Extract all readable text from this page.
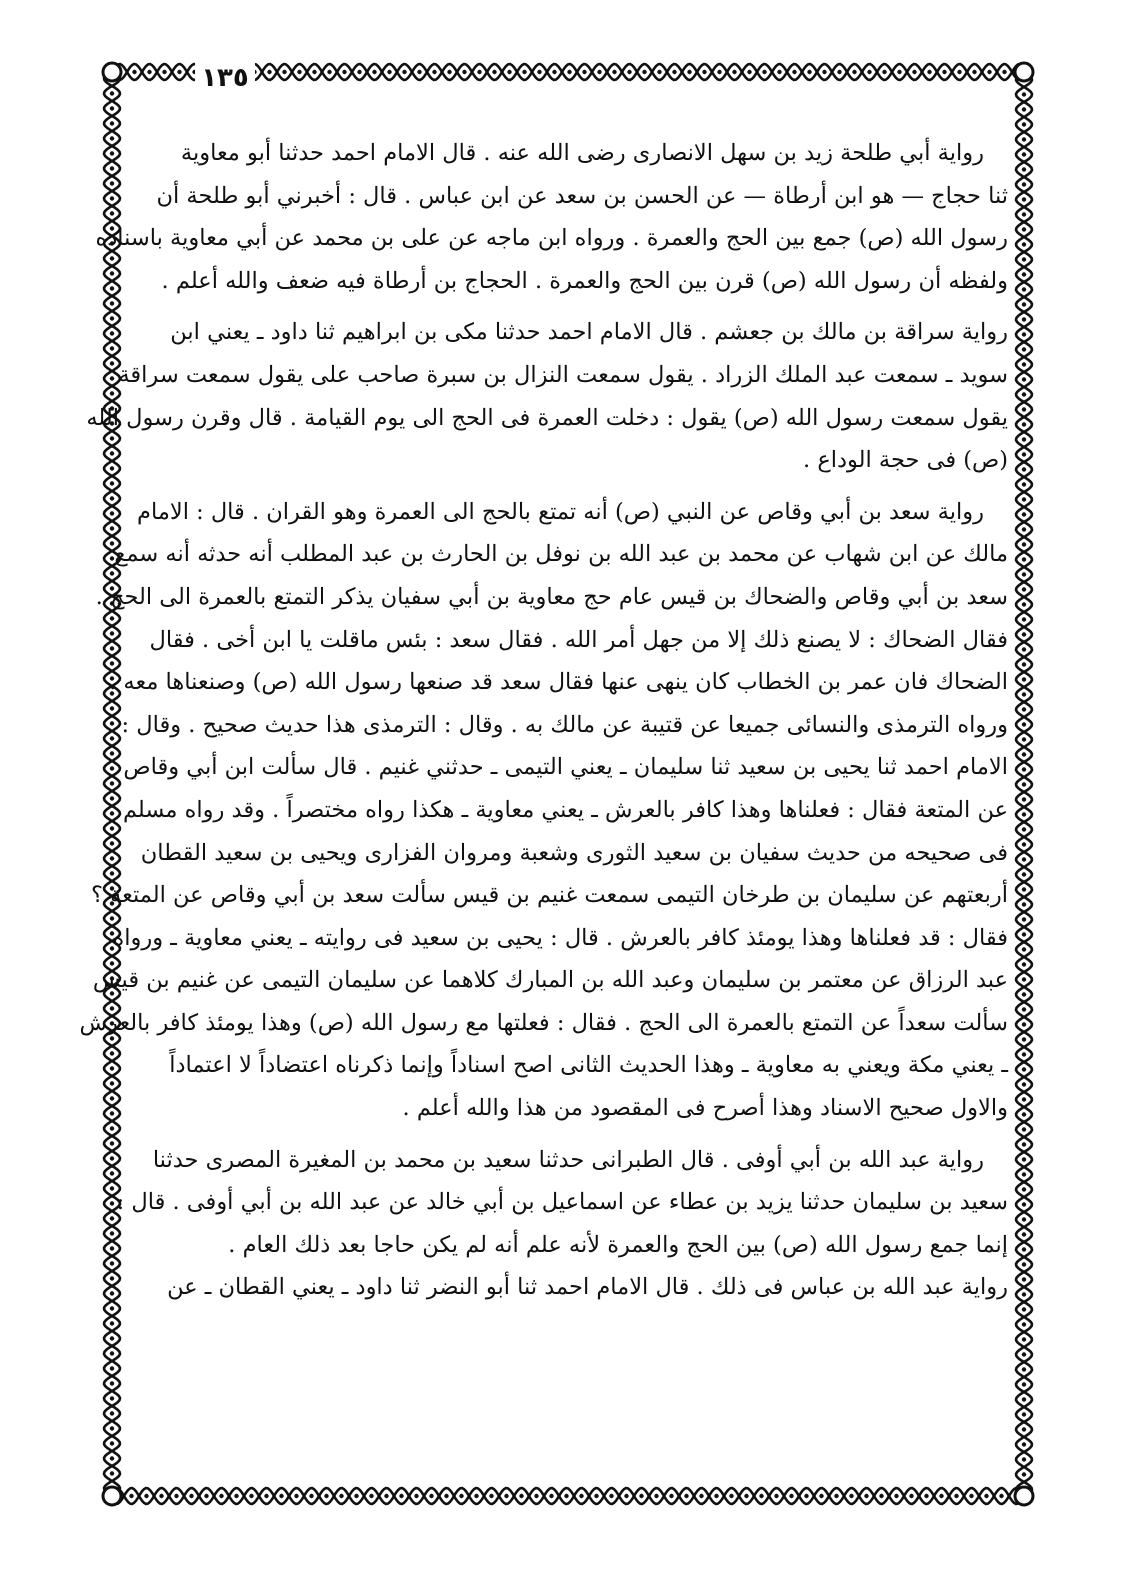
١٣٥
رواية أبي طلحة زيد بن سهل الانصارى رضى الله عنه . قال الامام احمد حدثنا أبو معاوية
ثنا حجاج — هو ابن أرطاة — عن الحسن بن سعد عن ابن عباس . قال : أخبرني أبو طلحة أن
رسول الله (ص) جمع بين الحج والعمرة . ورواه ابن ماجه عن على بن محمد عن أبي معاوية باسناده
ولفظه أن رسول الله (ص) قرن بين الحج والعمرة . الحجاج بن أرطاة فيه ضعف والله أعلم .
رواية سراقة بن مالك بن جعشم . قال الامام احمد حدثنا مكى بن ابراهيم ثنا داود ـ يعني ابن
سويد ـ سمعت عبد الملك الزراد . يقول سمعت النزال بن سبرة صاحب على يقول سمعت سراقة
يقول سمعت رسول الله (ص) يقول : دخلت العمرة فى الحج الى يوم القيامة . قال وقرن رسول الله
(ص) فى حجة الوداع .
رواية سعد بن أبي وقاص عن النبي (ص) أنه تمتع بالحج الى العمرة وهو القران . قال : الامام
مالك عن ابن شهاب عن محمد بن عبد الله بن نوفل بن الحارث بن عبد المطلب أنه حدثه أنه سمع
سعد بن أبي وقاص والضحاك بن قيس عام حج معاوية بن أبي سفيان يذكر التمتع بالعمرة الى الحج .
فقال الضحاك : لا يصنع ذلك إلا من جهل أمر الله . فقال سعد : بئس ماقلت يا ابن أخى . فقال
الضحاك فان عمر بن الخطاب كان ينهى عنها فقال سعد قد صنعها رسول الله (ص) وصنعناها معه .
ورواه الترمذى والنسائى جميعا عن قتيبة عن مالك به . وقال : الترمذى هذا حديث صحيح . وقال :
الامام احمد ثنا يحيى بن سعيد ثنا سليمان ـ يعني التيمى ـ حدثني غنيم . قال سألت ابن أبي وقاص
عن المتعة فقال : فعلناها وهذا كافر بالعرش ـ يعني معاوية ـ هكذا رواه مختصراً . وقد رواه مسلم
فى صحيحه من حديث سفيان بن سعيد الثورى وشعبة ومروان الفزارى ويحيى بن سعيد القطان
أربعتهم عن سليمان بن طرخان التيمى سمعت غنيم بن قيس سألت سعد بن أبي وقاص عن المتعة ؟
فقال : قد فعلناها وهذا يومئذ كافر بالعرش . قال : يحيى بن سعيد فى روايته ـ يعني معاوية ـ ورواه
عبد الرزاق عن معتمر بن سليمان وعبد الله بن المبارك كلاهما عن سليمان التيمى عن غنيم بن قيس
سألت سعداً عن التمتع بالعمرة الى الحج . فقال : فعلتها مع رسول الله (ص) وهذا يومئذ كافر بالعرش
ـ يعني مكة ويعني به معاوية ـ وهذا الحديث الثانى اصح اسناداً وإنما ذكرناه اعتضاداً لا اعتماداً
والاول صحيح الاسناد وهذا أصرح فى المقصود من هذا والله أعلم .
رواية عبد الله بن أبي أوفى . قال الطبرانى حدثنا سعيد بن محمد بن المغيرة المصرى حدثنا
سعيد بن سليمان حدثنا يزيد بن عطاء عن اسماعيل بن أبي خالد عن عبد الله بن أبي أوفى . قال :
إنما جمع رسول الله (ص) بين الحج والعمرة لأنه علم أنه لم يكن حاجا بعد ذلك العام .
رواية عبد الله بن عباس فى ذلك . قال الامام احمد ثنا أبو النضر ثنا داود ـ يعني القطان ـ عن
